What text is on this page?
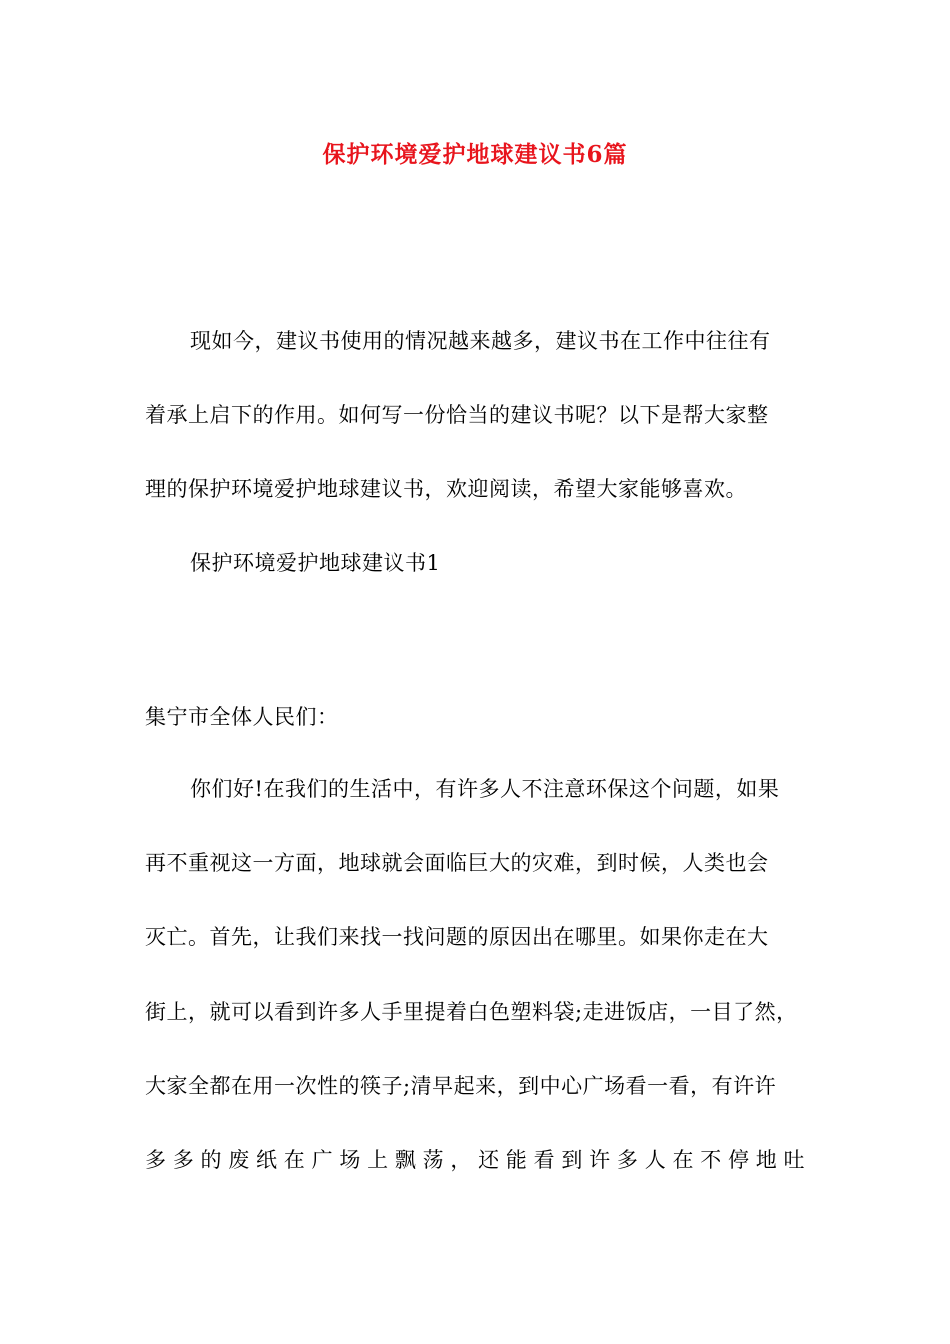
保护环境爱护地球建议书6篇
现如今，建议书使用的情况越来越多，建议书在工作中往往有
着承上启下的作用。如何写一份恰当的建议书呢？以下是帮大家整
理的保护环境爱护地球建议书，欢迎阅读，希望大家能够喜欢。
保护环境爱护地球建议书1
集宁市全体人民们：
你们好!在我们的生活中，有许多人不注意环保这个问题，如果
再不重视这一方面，地球就会面临巨大的灾难，到时候，人类也会
灭亡。首先，让我们来找一找问题的原因出在哪里。如果你走在大
街上，就可以看到许多人手里提着白色塑料袋;走进饭店，一目了然，
大家全都在用一次性的筷子;清早起来，到中心广场看一看，有许许
多多的废纸在广场上飘荡，还能看到许多人在不停地吐
